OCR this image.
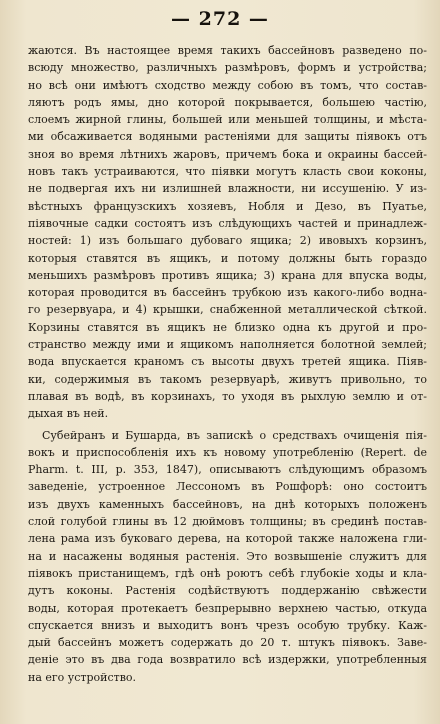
— 272 —
жаются. Въ настоящее время такихъ бассейновъ разведено по-
всюду множество, различныхъ размѣровъ, формъ и устройства;
но всѣ они имѣютъ сходство между собою въ томъ, что состав-
ляютъ родъ ямы, дно которой покрывается, большею частію,
слоемъ жирной глины, большей или меньшей толщины, и мѣста-
ми обсаживается водяными растеніями для защиты піявокъ отъ
зноя во время лѣтнихъ жаровъ, причемъ бока и окраины бассей-
новъ такъ устраиваются, что піявки могутъ класть свои коконы,
не подвергая ихъ ни излишней влажности, ни иссушенію. У из-
вѣстныхъ французскихъ хозяевъ, Нобля и Дезо, въ Пуатье,
піявочные садки состоятъ изъ слѣдующихъ частей и принадлеж-
ностей: 1) изъ большаго дубоваго ящика; 2) ивовыхъ корзинъ,
которыя ставятся въ ящикъ, и потому должны быть гораздо
меньшихъ размѣровъ противъ ящика; 3) крана для впуска воды,
которая проводится въ бассейнъ трубкою изъ какого-либо водна-
го резервуара, и 4) крышки, снабженной металлической сѣткой.
Корзины ставятся въ ящикъ не близко одна къ другой и про-
странство между ими и ящикомъ наполняется болотной землей;
вода впускается краномъ съ высоты двухъ третей ящика. Піяв-
ки, содержимыя въ такомъ резервуарѣ, живутъ привольно, то
плавая въ водѣ, въ корзинахъ, то уходя въ рыхлую землю и от-
дыхая въ ней.
Субейранъ и Бушарда, въ запискѣ о средствахъ очищенія пія-
вокъ и приспособленія ихъ къ новому употребленію (Repert. de
Pharm. t. III, p. 353, 1847), описываютъ слѣдующимъ образомъ
заведеніе, устроенное Лессономъ въ Рошфорѣ: оно состоитъ
изъ двухъ каменныхъ бассейновъ, на днѣ которыхъ положенъ
слой голубой глины въ 12 дюймовъ толщины; въ срединѣ постав-
лена рама изъ буковаго дерева, на которой также наложена гли-
на и насажены водяныя растенія. Это возвышеніе служитъ для
піявокъ пристанищемъ, гдѣ онѣ роютъ себѣ глубокіе ходы и кла-
дутъ коконы. Растенія содѣйствуютъ поддержанію свѣжести
воды, которая протекаетъ безпрерывно верхнею частью, откуда
спускается внизъ и выходитъ вонъ чрезъ особую трубку. Каж-
дый бассейнъ можетъ содержать до 20 т. штукъ піявокъ. Заве-
деніе это въ два года возвратило всѣ издержки, употребленныя
на его устройство.
